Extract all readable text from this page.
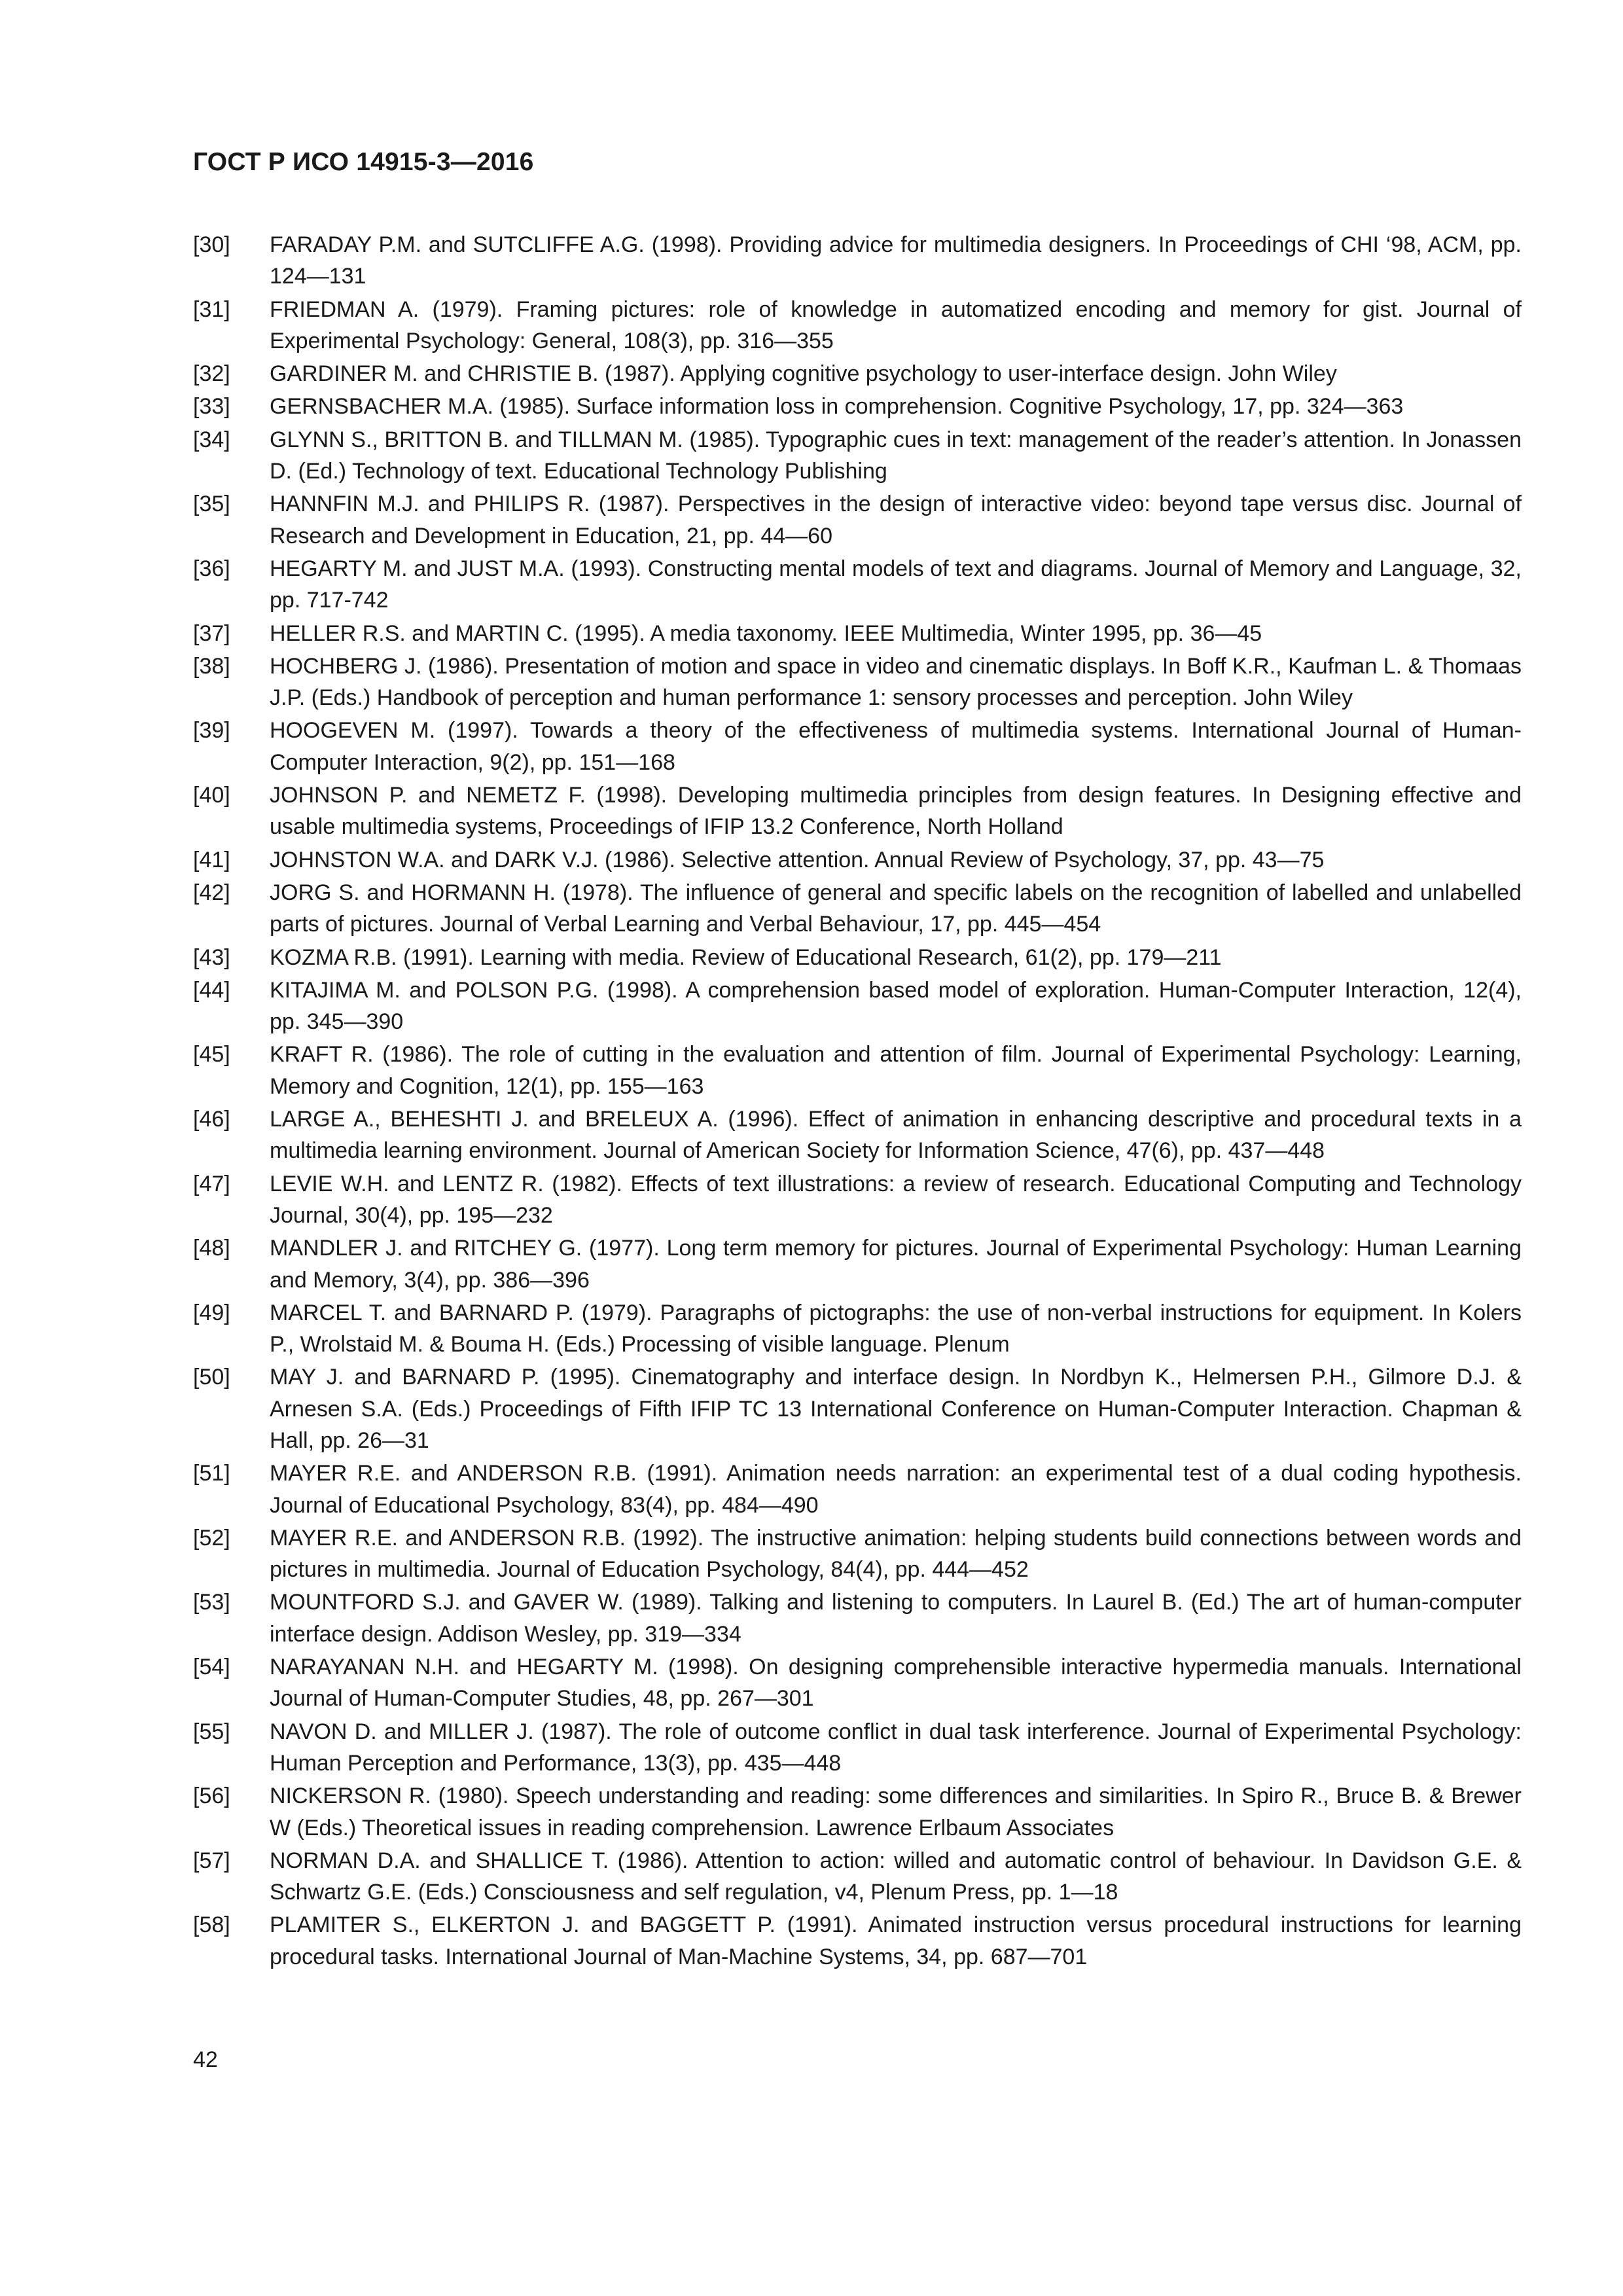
ГОСТ Р ИСО 14915-3—2016
[30]	FARADAY P.M. and SUTCLIFFE A.G. (1998). Providing advice for multimedia designers. In Proceedings of CHI ‘98, ACM, pp. 124—131
[31]	FRIEDMAN A. (1979). Framing pictures: role of knowledge in automatized encoding and memory for gist. Journal of Experimental Psychology: General, 108(3), pp. 316—355
[32]	GARDINER M. and CHRISTIE B. (1987). Applying cognitive psychology to user-interface design. John Wiley
[33]	GERNSBACHER M.A. (1985). Surface information loss in comprehension. Cognitive Psychology, 17, pp. 324—363
[34]	GLYNN S., BRITTON B. and TILLMAN M. (1985). Typographic cues in text: management of the reader’s attention. In Jonassen D. (Ed.) Technology of text. Educational Technology Publishing
[35]	HANNFIN M.J. and PHILIPS R. (1987). Perspectives in the design of interactive video: beyond tape versus disc. Journal of Research and Development in Education, 21, pp. 44—60
[36]	HEGARTY M. and JUST M.A. (1993). Constructing mental models of text and diagrams. Journal of Memory and Language, 32, pp. 717-742
[37]	HELLER R.S. and MARTIN C. (1995). A media taxonomy. IEEE Multimedia, Winter 1995, pp. 36—45
[38]	HOCHBERG J. (1986). Presentation of motion and space in video and cinematic displays. In Boff K.R., Kaufman L. & Thomaas J.P. (Eds.) Handbook of perception and human performance 1: sensory processes and perception. John Wiley
[39]	HOOGEVEN M. (1997). Towards a theory of the effectiveness of multimedia systems. International Journal of Human-Computer Interaction, 9(2), pp. 151—168
[40]	JOHNSON P. and NEMETZ F. (1998). Developing multimedia principles from design features. In Designing effective and usable multimedia systems, Proceedings of IFIP 13.2 Conference, North Holland
[41]	JOHNSTON W.A. and DARK V.J. (1986). Selective attention. Annual Review of Psychology, 37, pp. 43—75
[42]	JORG S. and HORMANN H. (1978). The influence of general and specific labels on the recognition of labelled and unlabelled parts of pictures. Journal of Verbal Learning and Verbal Behaviour, 17, pp. 445—454
[43]	KOZMA R.B. (1991). Learning with media. Review of Educational Research, 61(2), pp. 179—211
[44]	KITAJIMA M. and POLSON P.G. (1998). A comprehension based model of exploration. Human-Computer Interaction, 12(4), pp. 345—390
[45]	KRAFT R. (1986). The role of cutting in the evaluation and attention of film. Journal of Experimental Psychology: Learning, Memory and Cognition, 12(1), pp. 155—163
[46]	LARGE A., BEHESHTI J. and BRELEUX A. (1996). Effect of animation in enhancing descriptive and procedural texts in a multimedia learning environment. Journal of American Society for Information Science, 47(6), pp. 437—448
[47]	LEVIE W.H. and LENTZ R. (1982). Effects of text illustrations: a review of research. Educational Computing and Technology Journal, 30(4), pp. 195—232
[48]	MANDLER J. and RITCHEY G. (1977). Long term memory for pictures. Journal of Experimental Psychology: Human Learning and Memory, 3(4), pp. 386—396
[49]	MARCEL T. and BARNARD P. (1979). Paragraphs of pictographs: the use of non-verbal instructions for equipment. In Kolers P., Wrolstaid M. & Bouma H. (Eds.) Processing of visible language. Plenum
[50]	MAY J. and BARNARD P. (1995). Cinematography and interface design. In Nordbyn K., Helmersen P.H., Gilmore D.J. & Arnesen S.A. (Eds.) Proceedings of Fifth IFIP TC 13 International Conference on Human-Computer Interaction. Chapman & Hall, pp. 26—31
[51]	MAYER R.E. and ANDERSON R.B. (1991). Animation needs narration: an experimental test of a dual coding hypothesis. Journal of Educational Psychology, 83(4), pp. 484—490
[52]	MAYER R.E. and ANDERSON R.B. (1992). The instructive animation: helping students build connections between words and pictures in multimedia. Journal of Education Psychology, 84(4), pp. 444—452
[53]	MOUNTFORD S.J. and GAVER W. (1989). Talking and listening to computers. In Laurel B. (Ed.) The art of human-computer interface design. Addison Wesley, pp. 319—334
[54]	NARAYANAN N.H. and HEGARTY M. (1998). On designing comprehensible interactive hypermedia manuals. International Journal of Human-Computer Studies, 48, pp. 267—301
[55]	NAVON D. and MILLER J. (1987). The role of outcome conflict in dual task interference. Journal of Experimental Psychology: Human Perception and Performance, 13(3), pp. 435—448
[56]	NICKERSON R. (1980). Speech understanding and reading: some differences and similarities. In Spiro R., Bruce B. & Brewer W (Eds.) Theoretical issues in reading comprehension. Lawrence Erlbaum Associates
[57]	NORMAN D.A. and SHALLICE T. (1986). Attention to action: willed and automatic control of behaviour. In Davidson G.E. & Schwartz G.E. (Eds.) Consciousness and self regulation, v4, Plenum Press, pp. 1—18
[58]	PLAMITER S., ELKERTON J. and BAGGETT P. (1991). Animated instruction versus procedural instructions for learning procedural tasks. International Journal of Man-Machine Systems, 34, pp. 687—701
42
